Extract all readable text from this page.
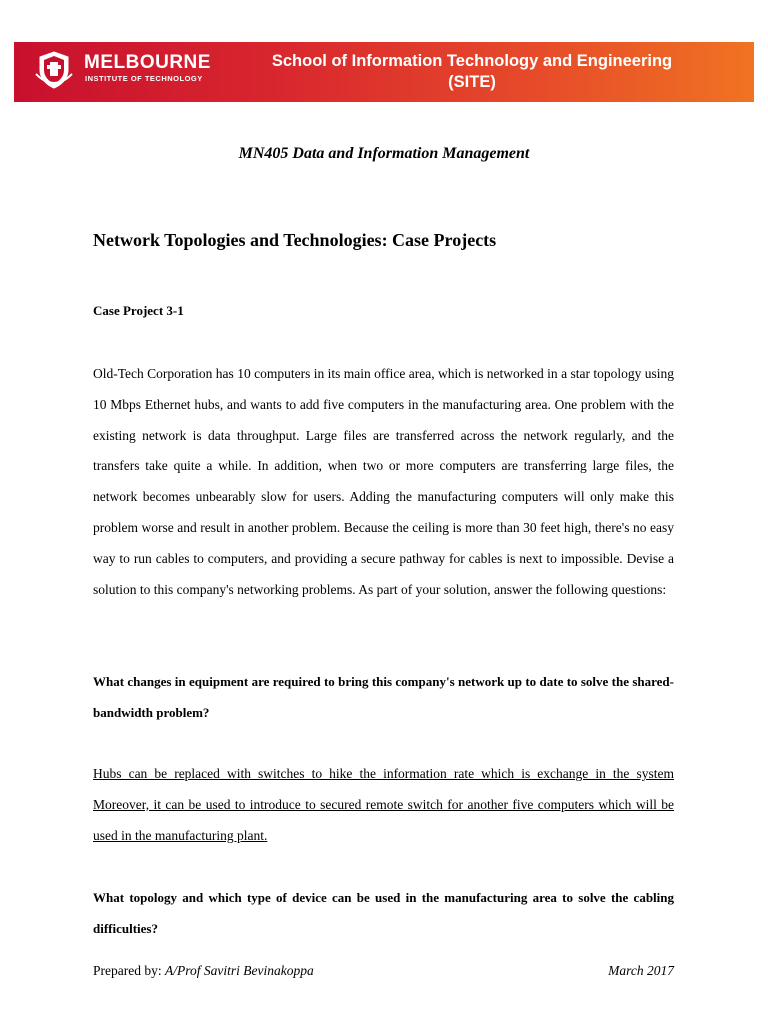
MELBOURNE
INSTITUTE OF TECHNOLOGY
School of Information Technology and Engineering
(SITE)
MN405 Data and Information Management
Network Topologies and Technologies: Case Projects
Case Project 3-1
Old-Tech Corporation has 10 computers in its main office area, which is networked in a star topology using 10 Mbps Ethernet hubs, and wants to add five computers in the manufacturing area. One problem with the existing network is data throughput. Large files are transferred across the network regularly, and the transfers take quite a while. In addition, when two or more computers are transferring large files, the network becomes unbearably slow for users. Adding the manufacturing computers will only make this problem worse and result in another problem. Because the ceiling is more than 30 feet high, there's no easy way to run cables to computers, and providing a secure pathway for cables is next to impossible. Devise a solution to this company's networking problems. As part of your solution, answer the following questions:
What changes in equipment are required to bring this company's network up to date to solve the shared-bandwidth problem?
Hubs can be replaced with switches to hike the information rate which is exchange in the system Moreover, it can be used to introduce to secured remote switch for another five computers which will be used in the manufacturing plant.
What topology and which type of device can be used in the manufacturing area to solve the cabling difficulties?
Prepared by: A/Prof Savitri Bevinakoppa	March 2017
